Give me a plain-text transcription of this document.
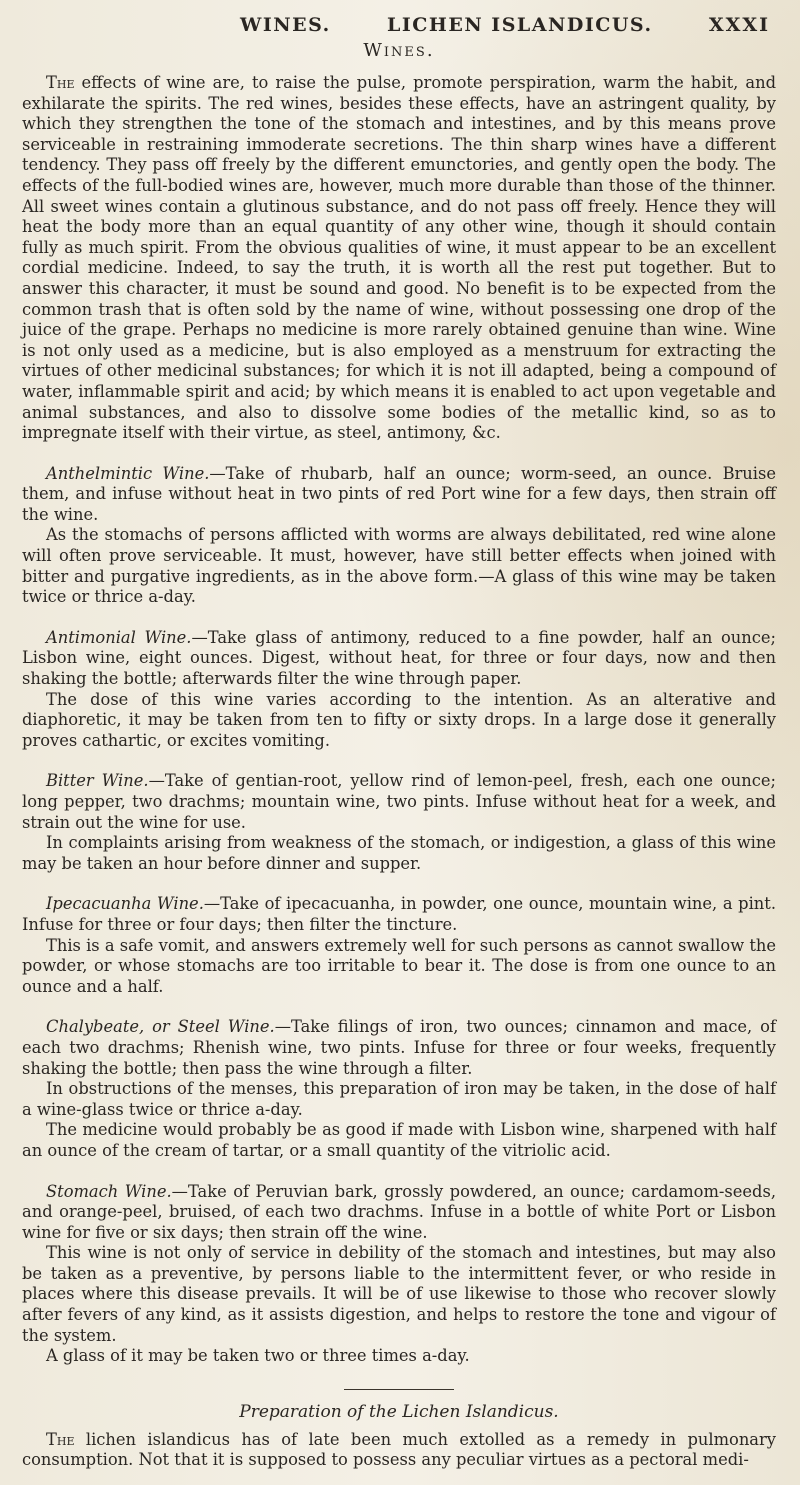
WINES.	LICHEN ISLANDICUS.	XXXI
Wines.

The effects of wine are, to raise the pulse, promote perspiration, warm the habit, and exhilarate the spirits. The red wines, besides these effects, have an astringent quality, by which they strengthen the tone of the stomach and intestines, and by this means prove serviceable in restraining immoderate secretions. The thin sharp wines have a different tendency. They pass off freely by the different emunctories, and gently open the body. The effects of the full-bodied wines are, however, much more durable than those of the thinner. All sweet wines contain a glutinous substance, and do not pass off freely. Hence they will heat the body more than an equal quantity of any other wine, though it should contain fully as much spirit. From the obvious qualities of wine, it must appear to be an excellent cordial medicine. Indeed, to say the truth, it is worth all the rest put together. But to answer this character, it must be sound and good. No benefit is to be expected from the common trash that is often sold by the name of wine, without possessing one drop of the juice of the grape. Perhaps no medicine is more rarely obtained genuine than wine. Wine is not only used as a medicine, but is also employed as a menstruum for extracting the virtues of other medicinal substances; for which it is not ill adapted, being a compound of water, inflammable spirit and acid; by which means it is enabled to act upon vegetable and animal substances, and also to dissolve some bodies of the metallic kind, so as to impregnate itself with their virtue, as steel, antimony, &c.

Anthelmintic Wine.—Take of rhubarb, half an ounce; worm-seed, an ounce. Bruise them, and infuse without heat in two pints of red Port wine for a few days, then strain off the wine.

As the stomachs of persons afflicted with worms are always debilitated, red wine alone will often prove serviceable. It must, however, have still better effects when joined with bitter and purgative ingredients, as in the above form.—A glass of this wine may be taken twice or thrice a-day.

Antimonial Wine.—Take glass of antimony, reduced to a fine powder, half an ounce; Lisbon wine, eight ounces. Digest, without heat, for three or four days, now and then shaking the bottle; afterwards filter the wine through paper.

The dose of this wine varies according to the intention. As an alterative and diaphoretic, it may be taken from ten to fifty or sixty drops. In a large dose it generally proves cathartic, or excites vomiting.

Bitter Wine.—Take of gentian-root, yellow rind of lemon-peel, fresh, each one ounce; long pepper, two drachms; mountain wine, two pints. Infuse without heat for a week, and strain out the wine for use.

In complaints arising from weakness of the stomach, or indigestion, a glass of this wine may be taken an hour before dinner and supper.

Ipecacuanha Wine.—Take of ipecacuanha, in powder, one ounce, mountain wine, a pint. Infuse for three or four days; then filter the tincture.

This is a safe vomit, and answers extremely well for such persons as cannot swallow the powder, or whose stomachs are too irritable to bear it. The dose is from one ounce to an ounce and a half.

Chalybeate, or Steel Wine.—Take filings of iron, two ounces; cinnamon and mace, of each two drachms; Rhenish wine, two pints. Infuse for three or four weeks, frequently shaking the bottle; then pass the wine through a filter.

In obstructions of the menses, this preparation of iron may be taken, in the dose of half a wine-glass twice or thrice a-day.

The medicine would probably be as good if made with Lisbon wine, sharpened with half an ounce of the cream of tartar, or a small quantity of the vitriolic acid.

Stomach Wine.—Take of Peruvian bark, grossly powdered, an ounce; cardamom-seeds, and orange-peel, bruised, of each two drachms. Infuse in a bottle of white Port or Lisbon wine for five or six days; then strain off the wine.

This wine is not only of service in debility of the stomach and intestines, but may also be taken as a preventive, by persons liable to the intermittent fever, or who reside in places where this disease prevails. It will be of use likewise to those who recover slowly after fevers of any kind, as it assists digestion, and helps to restore the tone and vigour of the system.

A glass of it may be taken two or three times a-day.

Preparation of the Lichen Islandicus.

The lichen islandicus has of late been much extolled as a remedy in pulmonary consumption. Not that it is supposed to possess any peculiar virtues as a pectoral medi-
